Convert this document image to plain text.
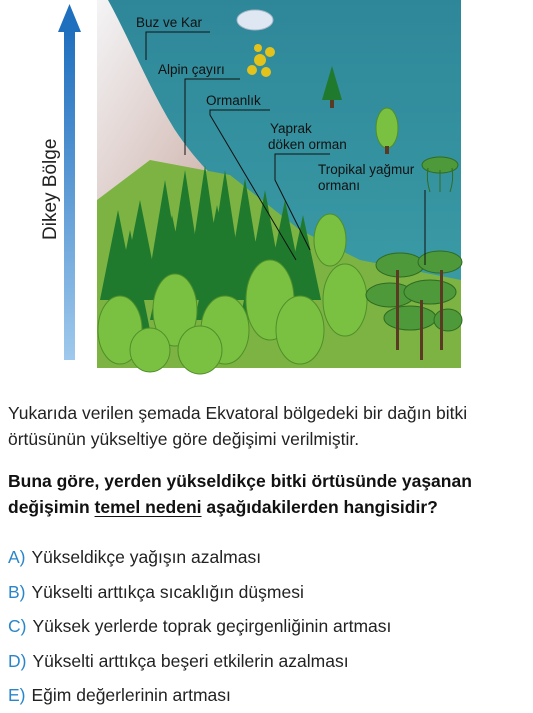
Buz ve Kar
Alpin çayırı
Ormanlık
Yaprak
döken orman
Tropikal yağmur
ormanı
Dikey Bölge

Yukarıda verilen şemada Ekvatoral bölgedeki bir dağın bitki örtüsünün yükseltiye göre değişimi verilmiştir.

Buna göre, yerden yükseldikçe bitki örtüsünde yaşanan değişimin temel nedeni aşağıdakilerden hangisidir?

A) Yükseldikçe yağışın azalması
B) Yükselti arttıkça sıcaklığın düşmesi
C) Yüksek yerlerde toprak geçirgenliğinin artması
D) Yükselti arttıkça beşeri etkilerin azalması
E) Eğim değerlerinin artması
